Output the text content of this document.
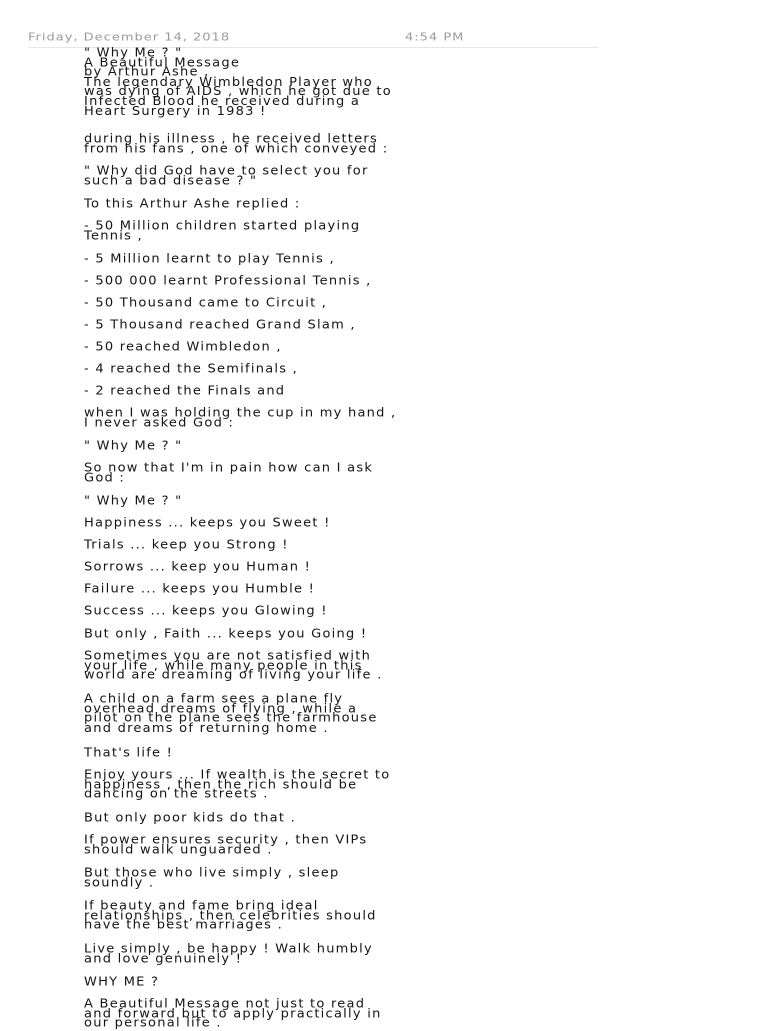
Friday, December 14, 2018	4:54 PM

" Why Me ? "
A Beautiful Message
by Arthur Ashe ,
The legendary Wimbledon Player who
was dying of AIDS , which he got due to
Infected Blood he received during a
Heart Surgery in 1983 !

during his illness , he received letters
from his fans , one of which conveyed :

" Why did God have to select you for
such a bad disease ? "

To this Arthur Ashe replied :

- 50 Million children started playing
Tennis ,

- 5 Million learnt to play Tennis ,

- 500 000 learnt Professional Tennis ,

- 50 Thousand came to Circuit ,

- 5 Thousand reached Grand Slam ,

- 50 reached Wimbledon ,

- 4 reached the Semifinals ,

- 2 reached the Finals and

when I was holding the cup in my hand ,
I never asked God :

" Why Me ? "

So now that I'm in pain how can I ask
God :

" Why Me ? "

Happiness ... keeps you Sweet !

Trials ... keep you Strong !

Sorrows ... keep you Human !

Failure ... keeps you Humble !

Success ... keeps you Glowing !

But only , Faith ... keeps you Going !

Sometimes you are not satisfied with
your life , while many people in this
world are dreaming of living your life .

A child on a farm sees a plane fly
overhead dreams of flying , while a
pilot on the plane sees the farmhouse
and dreams of returning home .

That's life !

Enjoy yours ... If wealth is the secret to
happiness , then the rich should be
dancing on the streets .

But only poor kids do that .

If power ensures security , then VIPs
should walk unguarded .

But those who live simply , sleep
soundly .

If beauty and fame bring ideal
relationships , then celebrities should
have the best marriages .

Live simply , be happy ! Walk humbly
and love genuinely !

WHY ME ?

A Beautiful Message not just to read
and forward but to apply practically in
our personal life .
